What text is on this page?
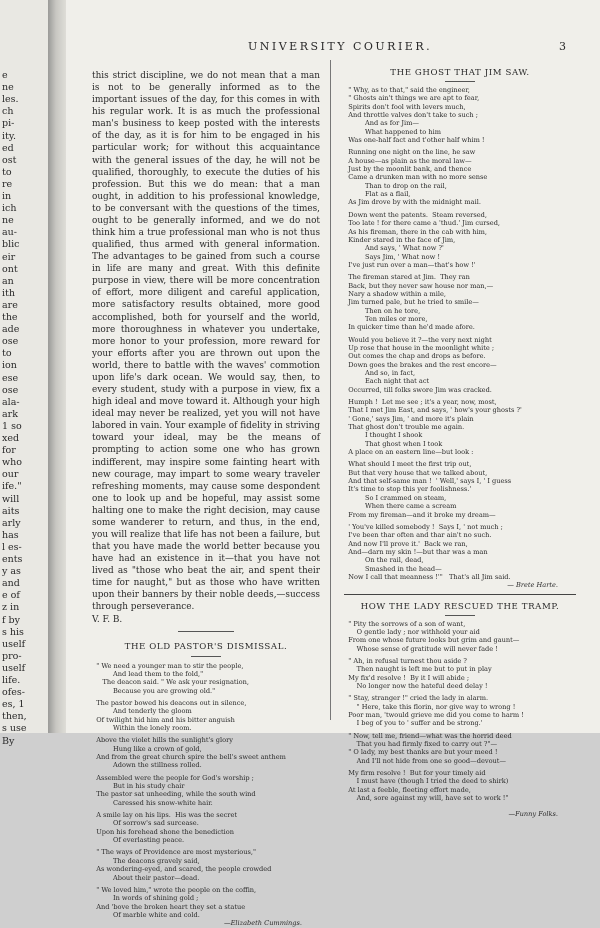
e
ne
les.
ch
pi-
ity.
ed
ost
to
re
in
ich
ne
au-
blic
eir
ont
an
ith
are
the
ade
ose
to
ion
ese
ose
ala-
ark
1 so
xed
for
who
our
ife."
will
aits
arly
has
l es-
ents
y as
and
e of
z in
f by
s his
uself
pro-
uself
life.
ofes-
es, 1
then,
s use
By
UNIVERSITY COURIER.	3

this strict discipline, we do not mean that a man is not to be generally informed as to the important issues of the day, for this comes in with his regular work. It is as much the professional man's business to keep posted with the interests of the day, as it is for him to be engaged in his particular work; for without this acquaintance with the general issues of the day, he will not be qualified, thoroughly, to execute the duties of his profession. But this we do mean: that a man ought, in addition to his professional knowledge, to be conversant with the questions of the times, ought to be generally informed, and we do not think him a true professional man who is not thus qualified, thus armed with general information. The advantages to be gained from such a course in life are many and great. With this definite purpose in view, there will be more concentration of effort, more diligent and careful application, more satisfactory results obtained, more good accomplished, both for yourself and the world, more thoroughness in whatever you undertake, more honor to your profession, more reward for your efforts after you are thrown out upon the world, there to battle with the waves' commotion upon life's dark ocean. We would say, then, to every student, study with a purpose in view, fix a high ideal and move toward it. Although your high ideal may never be realized, yet you will not have labored in vain. Your example of fidelity in striving toward your ideal, may be the means of prompting to action some one who has grown indifferent, may inspire some fainting heart with new courage, may impart to some weary traveler refreshing moments, may cause some despondent one to look up and be hopeful, may assist some halting one to make the right decision, may cause some wanderer to return, and thus, in the end, you will realize that life has not been a failure, but that you have made the world better because you have had an existence in it—that you have not lived as "those who beat the air, and spent their time for naught," but as those who have written upon their banners by their noble deeds,—success through perseverance.

V. F. B.

THE OLD PASTOR'S DISMISSAL.

" We need a younger man to stir the people,
And lead them to the fold,"
The deacon said. " We ask your resignation,
Because you are growing old."
The pastor bowed his deacons out in silence,
And tenderly the gloom
Of twilight hid him and his bitter anguish
Within the lonely room.
Above the violet hills the sunlight's glory
Hung like a crown of gold,
And from the great church spire the bell's sweet anthem
Adown the stillness rolled.
Assembled were the people for God's worship ;
But in his study chair
The pastor sat unheeding, while the south wind
Caressed his snow-white hair.
A smile lay on his lips.  His was the secret
Of sorrow's sad surcease.
Upon his forehead shone the benediction
Of everlasting peace.
" The ways of Providence are most mysterious,"
The deacons gravely said,
As wondering-eyed, and scared, the people crowded
About their pastor—dead.
" We loved him," wrote the people on the coffin,
In words of shining gold ;
And 'bove the broken heart they set a statue
Of marble white and cold.
—Elizabeth Cummings.

THE GHOST THAT JIM SAW.

" Why, as to that," said the engineer,
" Ghosts ain't things we are apt to fear,
Spirits don't fool with levers much,
And throttle valves don't take to such ;
And as for Jim—
What happened to him
Was one-half fact and t'other half whim !
Running one night on the line, he saw
A house—as plain as the moral law—
Just by the moonlit bank, and thence
Came a drunken man with no more sense
Than to drop on the rail,
Flat as a flail,
As Jim drove by with the midnight mail.
Down went the patents.  Steam reversed,
Too late ! for there came a 'thud.' Jim cursed,
As his fireman, there in the cab with him,
Kinder stared in the face of Jim,
And says, ' What now ?'
Says Jim, ' What now !
I've just run over a man—that's how !'
The fireman stared at Jim.  They ran
Back, but they never saw house nor man,—
Nary a shadow within a mile,
Jim turned pale, but he tried to smile—
Then on he tore,
Ten miles or more,
In quicker time than he'd made afore.
Would you believe it ?—the very next night
Up rose that house in the moonlight white ;
Out comes the chap and drops as before.
Down goes the brakes and the rest encore—
And so, in fact,
Each night that act
Occurred, till folks swore Jim was cracked.
Humph !  Let me see ; it's a year, now, most,
That I met Jim East, and says, ' how's your ghosts ?'
' Gone,' says Jim, ' and more it's plain
That ghost don't trouble me again.
I thought I shook
That ghost when I took
A place on an eastern line—but look :
What should I meet the first trip out,
But that very house that we talked about,
And that self-same man !  ' Well,' says I, ' I guess
It's time to stop this yer foolishness.'
So I crammed on steam,
When there came a scream
From my fireman—and it broke my dream—
' You've killed somebody !  Says I, ' not much ;
I've been thar often and thar ain't no such.
And now I'll prove it.'  Back we ran,
And—darn my skin !—but thar was a man
On the rail, dead,
Smashed in the head—
Now I call that meanness !'"   That's all Jim said.
— Brete Harte.

HOW THE LADY RESCUED THE TRAMP.

" Pity the sorrows of a son of want,
O gentle lady ; nor withhold your aid
From one whose future looks but grim and gaunt—
Whose sense of gratitude will never fade !
" Ah, in refusal turnest thou aside ?
Then naught is left me but to put in play
My fix'd resolve !  By it I will abide ;
No longer now the hateful deed delay !
" Stay, stranger !" cried the lady in alarm.
" Here, take this florin, nor give way to wrong !
Poor man, 'twould grieve me did you come to harm !
I beg of you to ' suffer and be strong.'
" Now, tell me, friend—what was the horrid deed
That you had firmly fixed to carry out ?"—
" O lady, my best thanks are but your meed !
And I'll not hide from one so good—devout—
My firm resolve !  But for your timely aid
I must have (though I tried the deed to shirk)
At last a feeble, fleeting effort made,
And, sore against my will, have set to work !"
—Funny Folks.
